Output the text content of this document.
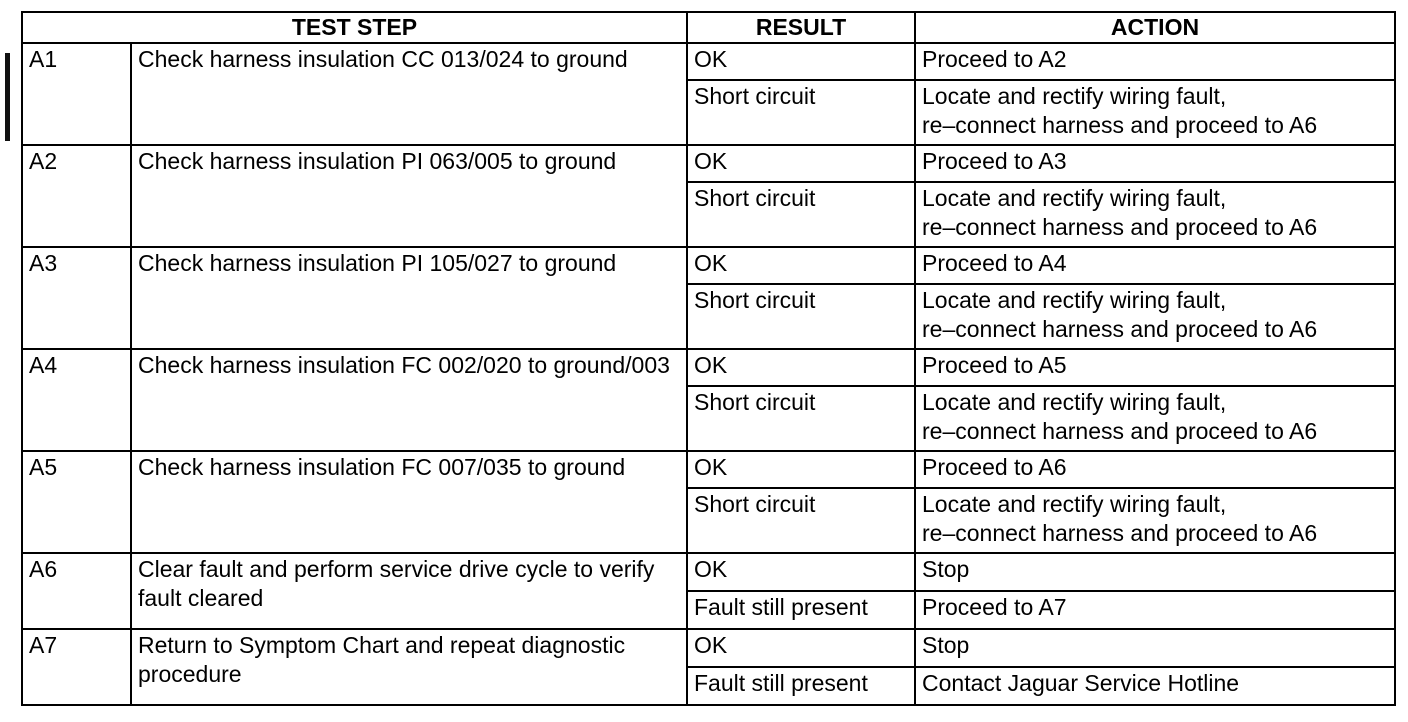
TEST STEP		RESULT	ACTION
A1	Check harness insulation CC 013/024 to ground	OK	Proceed to A2
		Short circuit	Locate and rectify wiring fault,
re–connect harness and proceed to A6
A2	Check harness insulation PI 063/005 to ground	OK	Proceed to A3
		Short circuit	Locate and rectify wiring fault,
re–connect harness and proceed to A6
A3	Check harness insulation PI 105/027 to ground	OK	Proceed to A4
		Short circuit	Locate and rectify wiring fault,
re–connect harness and proceed to A6
A4	Check harness insulation FC 002/020 to ground/003	OK	Proceed to A5
		Short circuit	Locate and rectify wiring fault,
re–connect harness and proceed to A6
A5	Check harness insulation FC 007/035 to ground	OK	Proceed to A6
		Short circuit	Locate and rectify wiring fault,
re–connect harness and proceed to A6
A6	Clear fault and perform service drive cycle to verify fault cleared	OK	Stop
		Fault still present	Proceed to A7
A7	Return to Symptom Chart and repeat diagnostic procedure	OK	Stop
		Fault still present	Contact Jaguar Service Hotline
